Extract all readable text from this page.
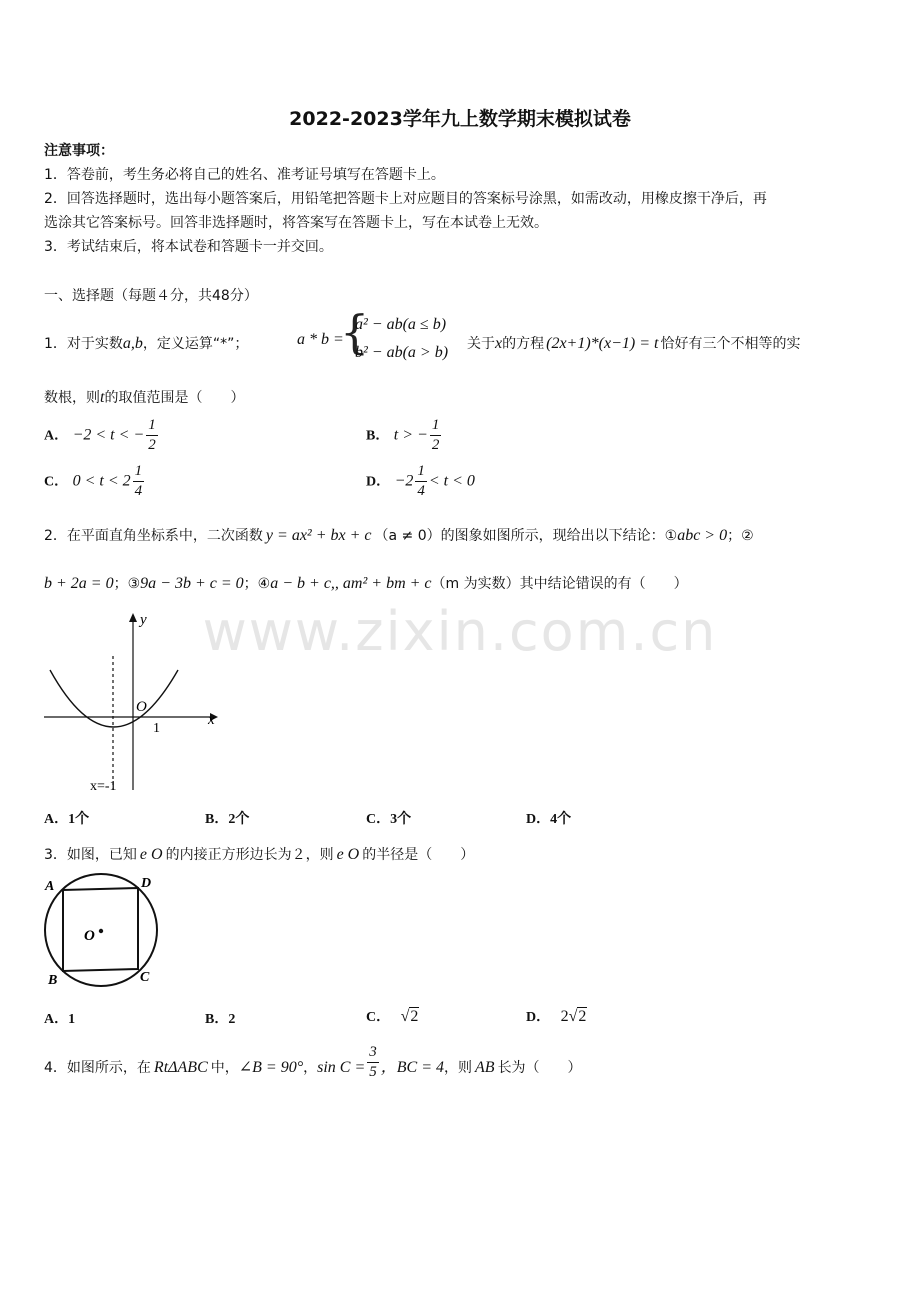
www.zixin.com.cn
2022-2023学年九上数学期末模拟试卷
注意事项：
1．答卷前，考生务必将自己的姓名、准考证号填写在答题卡上。
2．回答选择题时，选出每小题答案后，用铅笔把答题卡上对应题目的答案标号涂黑，如需改动，用橡皮擦干净后，再
选涂其它答案标号。回答非选择题时，将答案写在答题卡上，写在本试卷上无效。
3．考试结束后，将本试卷和答题卡一并交回。
一、选择题（每题４分，共48分）
1．对于实数a,b，定义运算“*”；	a * b =
{
a² − ab(a ≤ b)
b² − ab(a > b) 关于x的方程 (2x+1)*(x−1) = t 恰好有三个不相等的实
数根，则t的取值范围是（　　）
A． −2 < t < − $\frac{1}{2}$	B． t > − $\frac{1}{2}$
C． $0 < t < 2 \frac{1}{4}$	D． $-2 \frac{1}{4} < t < 0$
2．在平面直角坐标系中，二次函数 y = ax² + bx + c （a ≠ 0）的图象如图所示，现给出以下结论：①abc > 0；②
b + 2a = 0；③9a − 3b + c = 0；④a − b + c,, am² + bm + c（m 为实数）其中结论错误的有（　　）
y
x
O
1
x=-1
A．1个	B．2个	C．3个	D．4个
3．如图，已知 e O 的内接正方形边长为２，则 e O 的半径是（　　）
A	D
B	C
O
A．1	B．2	C． √2	D． 2√2
4．如图所示，在 RtΔABC 中，∠B = 90°，$\sin C = \frac{3}{5}$ ，BC = 4，则 AB 长为（　　）
